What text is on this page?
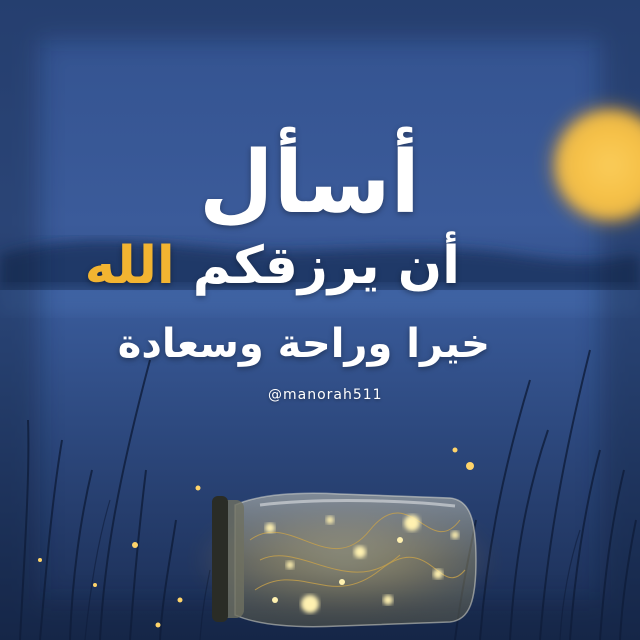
أسأل
أن يرزقكم الله
خيرا وراحة وسعادة
@manorah511
